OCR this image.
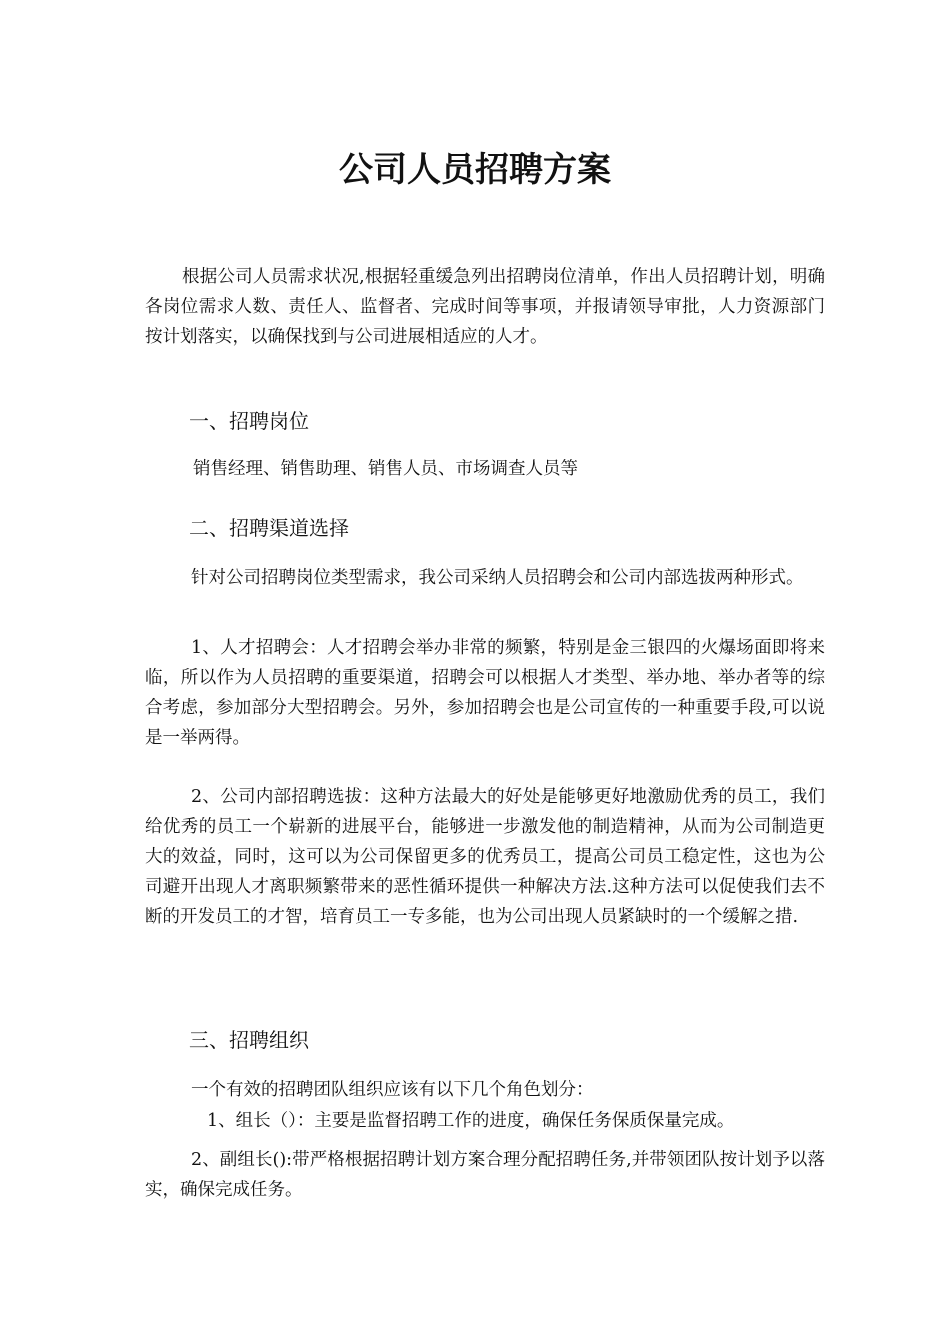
公司人员招聘方案

根据公司人员需求状况,根据轻重缓急列出招聘岗位清单，作出人员招聘计划，明确各岗位需求人数、责任人、监督者、完成时间等事项，并报请领导审批，人力资源部门按计划落实，以确保找到与公司进展相适应的人才。

一、招聘岗位

销售经理、销售助理、销售人员、市场调查人员等

二、招聘渠道选择

针对公司招聘岗位类型需求，我公司采纳人员招聘会和公司内部选拔两种形式。

1、人才招聘会：人才招聘会举办非常的频繁，特别是金三银四的火爆场面即将来临，所以作为人员招聘的重要渠道，招聘会可以根据人才类型、举办地、举办者等的综合考虑，参加部分大型招聘会。另外，参加招聘会也是公司宣传的一种重要手段,可以说是一举两得。

2、公司内部招聘选拔：这种方法最大的好处是能够更好地激励优秀的员工，我们给优秀的员工一个崭新的进展平台，能够进一步激发他的制造精神，从而为公司制造更大的效益，同时，这可以为公司保留更多的优秀员工，提高公司员工稳定性，这也为公司避开出现人才离职频繁带来的恶性循环提供一种解决方法.这种方法可以促使我们去不断的开发员工的才智，培育员工一专多能，也为公司出现人员紧缺时的一个缓解之措.

三、招聘组织

一个有效的招聘团队组织应该有以下几个角色划分：

1、组长（）：主要是监督招聘工作的进度，确保任务保质保量完成。

2、副组长():带严格根据招聘计划方案合理分配招聘任务,并带领团队按计划予以落实，确保完成任务。
